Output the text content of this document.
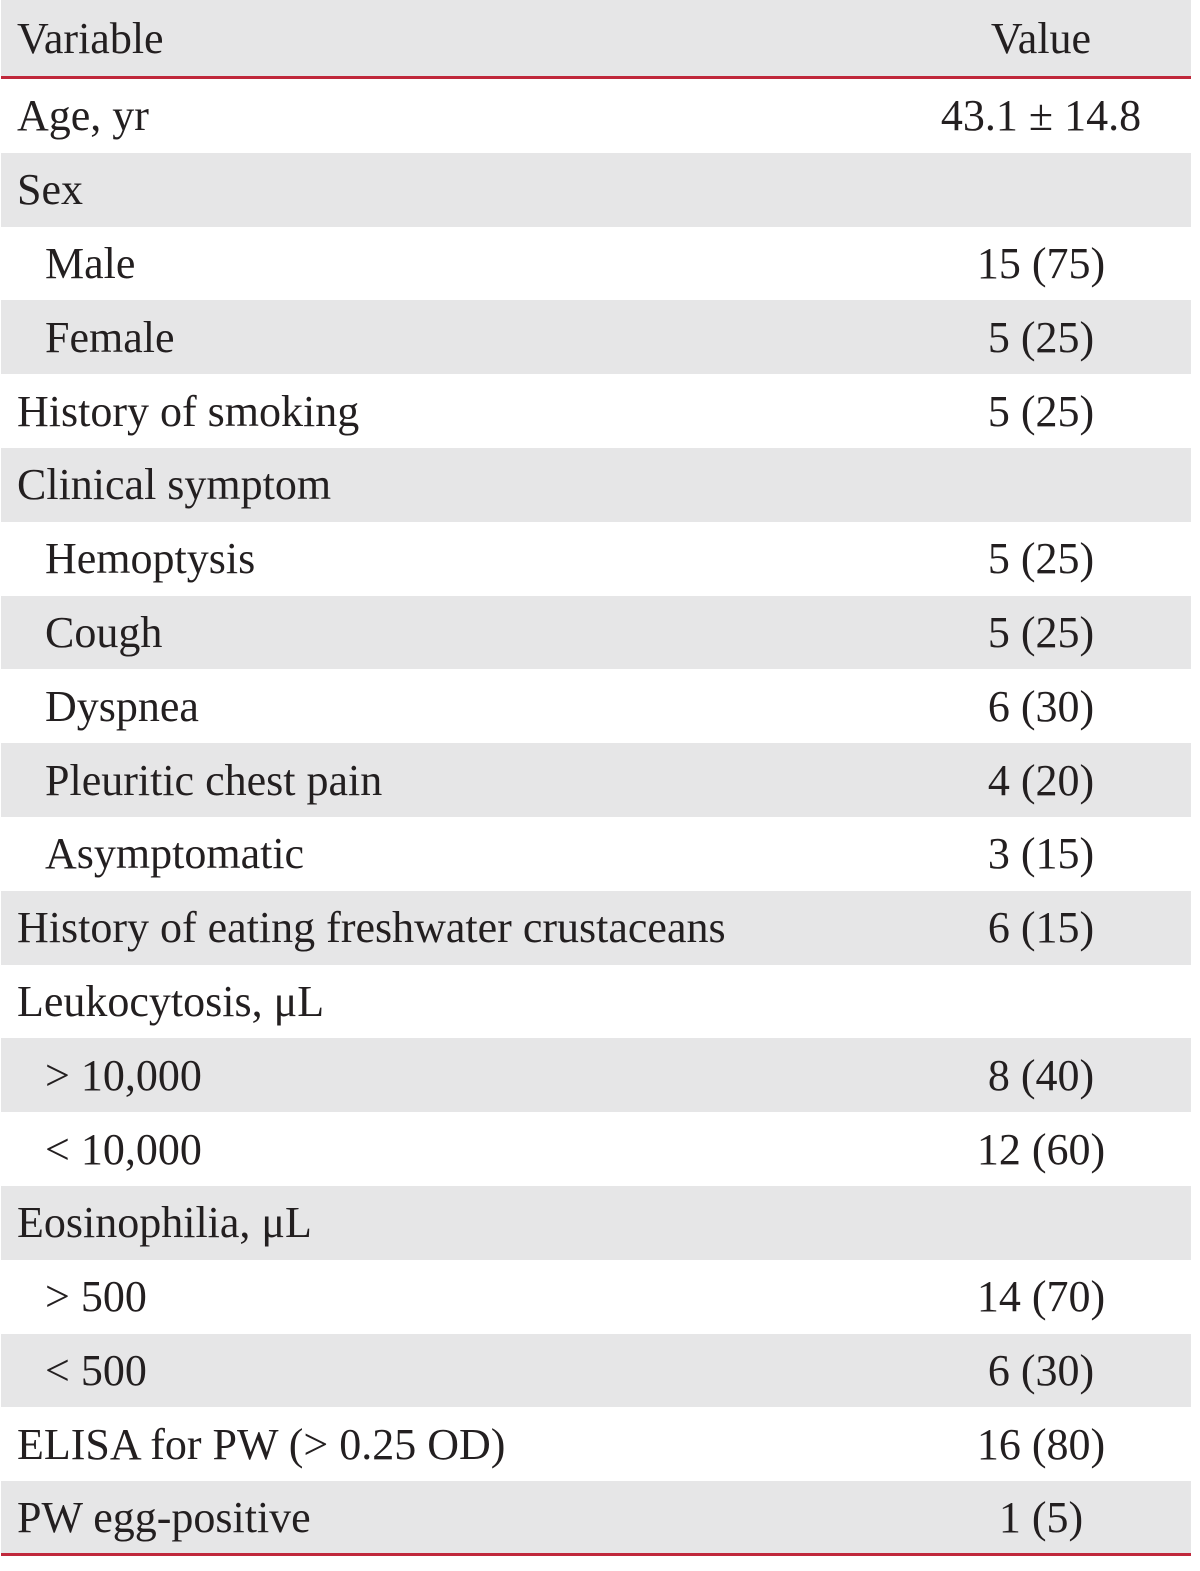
Variable	Value
Age, yr	43.1 ± 14.8
Sex
Male	15 (75)
Female	5 (25)
History of smoking	5 (25)
Clinical symptom
Hemoptysis	5 (25)
Cough	5 (25)
Dyspnea	6 (30)
Pleuritic chest pain	4 (20)
Asymptomatic	3 (15)
History of eating freshwater crustaceans	6 (15)
Leukocytosis, μL
> 10,000	8 (40)
< 10,000	12 (60)
Eosinophilia, μL
> 500	14 (70)
< 500	6 (30)
ELISA for PW (> 0.25 OD)	16 (80)
PW egg-positive	1 (5)
